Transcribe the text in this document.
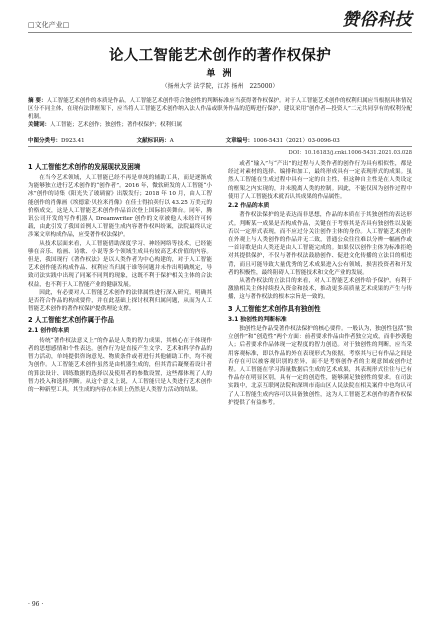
□文化产业□	赞俗科技
论人工智能艺术创作的著作权保护
单 洲
（扬州大学 法学院，江苏 扬州　225000）
摘 要：人工智能艺术创作的本质是作品，人工智能艺术创作符合独创性的判断标准应当获得著作权保护。对于人工智能艺术创作的权利归属应当根据具体情况区分不同主体，在现有法律框架下，应当将人工智能艺术创作纳入法人作品或职务作品的范畴进行保护，建议采用“创作者—投资人”二元共同享有的权利分配机制。
关键词：人工智能；艺术创作；独创性；著作权保护；权利归属
中图分类号：D923.41	文献标识码：A	文章编号：1006-5431（2021）03-0096-03
DOI：10.16183/j.cnki.1006-5431.2021.03.028
1 人工智能艺术创作的发展现状及困境

在当今艺术领域，人工智能已经不再是单纯的辅助工具，而是逐渐成为能够独立进行艺术创作的“创作者”。2016 年，微软研发的人工智能“小冰”创作的诗集《阳光失了玻璃窗》出版发行；2018 年 10 月，由人工智能创作的肖像画《埃德蒙·贝拉米肖像》在佳士得拍卖行以 43.25 万美元的价格成交，这是人工智能艺术创作作品首次登上国际拍卖舞台。同年，腾讯公司开发的写作机器人 Dreamwriter 创作的文章被他人未经许可转载，由此引发了我国首例人工智能生成内容著作权纠纷案，法院最终认定涉案文章构成作品，应受著作权法保护。

从技术层面来看，人工智能借助深度学习、神经网络等技术，已经能够在音乐、绘画、诗歌、小说等多个领域生成具有较高艺术价值的内容。但是，我国现行《著作权法》是以人类作者为中心构建的，对于人工智能艺术创作能否构成作品、权利应当归属于谁等问题并未作出明确规定，导致司法实践中出现了同案不同判的现象，这既不利于保护相关主体的合法权益，也不利于人工智能产业的健康发展。

因此，有必要对人工智能艺术创作的法律属性进行深入研究，明确其是否符合作品的构成要件，并在此基础上探讨权利归属问题，从而为人工智能艺术创作的著作权保护提供理论支撑。

2 人工智能艺术创作属于作品
2.1 创作的本质

传统“著作权法意义上”的作品是人类的智力成果，其核心在于体现作者的思想感情和个性表达。创作行为是直接产生文学、艺术和科学作品的智力活动，单纯提供咨询意见、物质条件或者进行其他辅助工作，均不视为创作。人工智能艺术创作虽然是由机器生成的，但其背后凝聚着设计者的算法设计、训练数据的选择以及使用者的参数设置，这些都体现了人的智力投入和选择判断。从这个意义上说，人工智能只是人类进行艺术创作的一种新型工具，其生成的内容在本质上仍然是人类智力活动的结果。

或者“输入”与“产出”的过程与人类作者的创作行为具有相似性，都是经过对素材的选择、编排和加工，最终形成具有一定表现形式的成果。虽然人工智能在生成过程中具有一定的自主性，但这种自主性是在人类设定的框架之内实现的，并未脱离人类的控制。因此，不能仅因为创作过程中使用了人工智能技术就否认其成果的作品属性。

2.2 作品的本质

著作权法保护的是表达而非思想，作品的本质在于其独创性的表达形式。判断某一成果是否构成作品，关键在于考察其是否具有独创性以及能否以一定形式表现，而不应过分关注创作主体的身份。人工智能艺术创作在外观上与人类创作的作品并无二致，普通公众往往难以分辨一幅画作或一首诗歌是由人类还是由人工智能完成的。如果仅以创作主体为标准拒绝对其提供保护，不仅与著作权法鼓励创作、促进文化传播的立法目的相违背，而且可能导致大量优秀的艺术成果进入公有领域，损害投资者和开发者的积极性，最终阻碍人工智能技术和文化产业的发展。

从著作权法的立法目的来看，对人工智能艺术创作给予保护，有利于激励相关主体持续投入资金和技术，推动更多高质量艺术成果的产生与传播，这与著作权法的根本宗旨是一致的。

3 人工智能艺术创作具有独创性
3.1 独创性的判断标准

独创性是作品受著作权法保护的核心要件。一般认为，独创性包括“独立创作”和“创造性”两个方面：前者要求作品由作者独立完成，而非抄袭他人；后者要求作品体现一定程度的智力创造。对于独创性的判断，应当采用客观标准，即以作品的外在表现形式为依据，考察其与已有作品之间是否存在可以被客观识别的差异，而不是考察创作者的主观意图或创作过程。人工智能在学习海量数据后生成的艺术成果，其表现形式往往与已有作品存在明显区别，具有一定的创造性，能够满足独创性的要求。在司法实践中，北京互联网法院和深圳市南山区人民法院在相关案件中也均认可了人工智能生成内容可以具备独创性，这为人工智能艺术创作的著作权保护提供了有益参考。

· 96 ·
